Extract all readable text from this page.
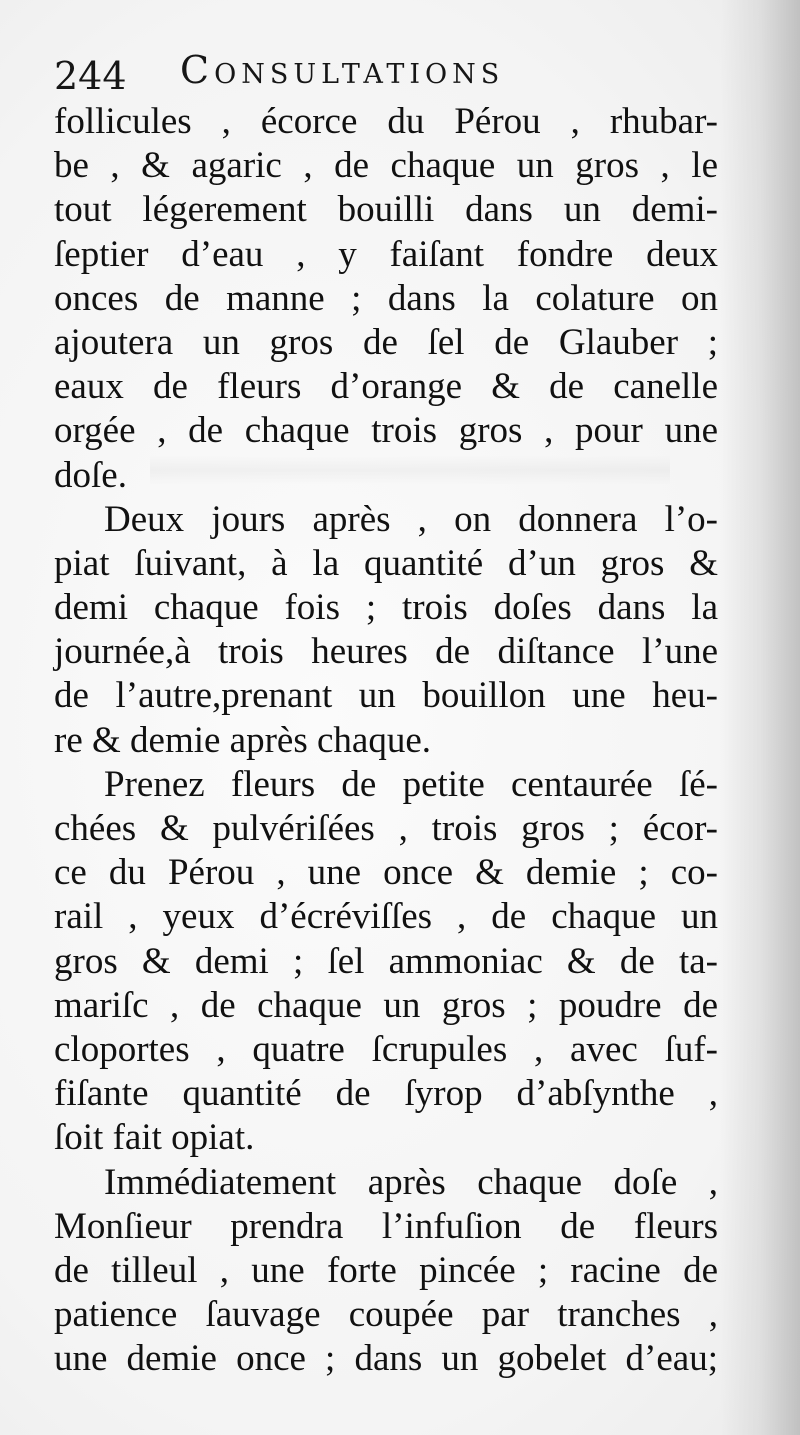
244 Consultations
follicules , écorce du Pérou , rhubar-
be , & agaric , de chaque un gros , le
tout légerement bouilli dans un demi-
ſeptier d’eau , y faiſant fondre deux
onces de manne ; dans la colature on
ajoutera un gros de ſel de Glauber ;
eaux de fleurs d’orange & de canelle
orgée , de chaque trois gros , pour une
doſe.
Deux jours après , on donnera l’o-
piat ſuivant, à la quantité d’un gros &
demi chaque fois ; trois doſes dans la
journée,à trois heures de diſtance l’une
de l’autre,prenant un bouillon une heu-
re & demie après chaque.
Prenez fleurs de petite centaurée ſé-
chées & pulvériſées , trois gros ; écor-
ce du Pérou , une once & demie ; co-
rail , yeux d’écréviſſes , de chaque un
gros & demi ; ſel ammoniac & de ta-
mariſc , de chaque un gros ; poudre de
cloportes , quatre ſcrupules , avec ſuf-
fiſante quantité de ſyrop d’abſynthe ,
ſoit fait opiat.
Immédiatement après chaque doſe ,
Monſieur prendra l’infuſion de fleurs
de tilleul , une forte pincée ; racine de
patience ſauvage coupée par tranches ,
une demie once ; dans un gobelet d’eau;
